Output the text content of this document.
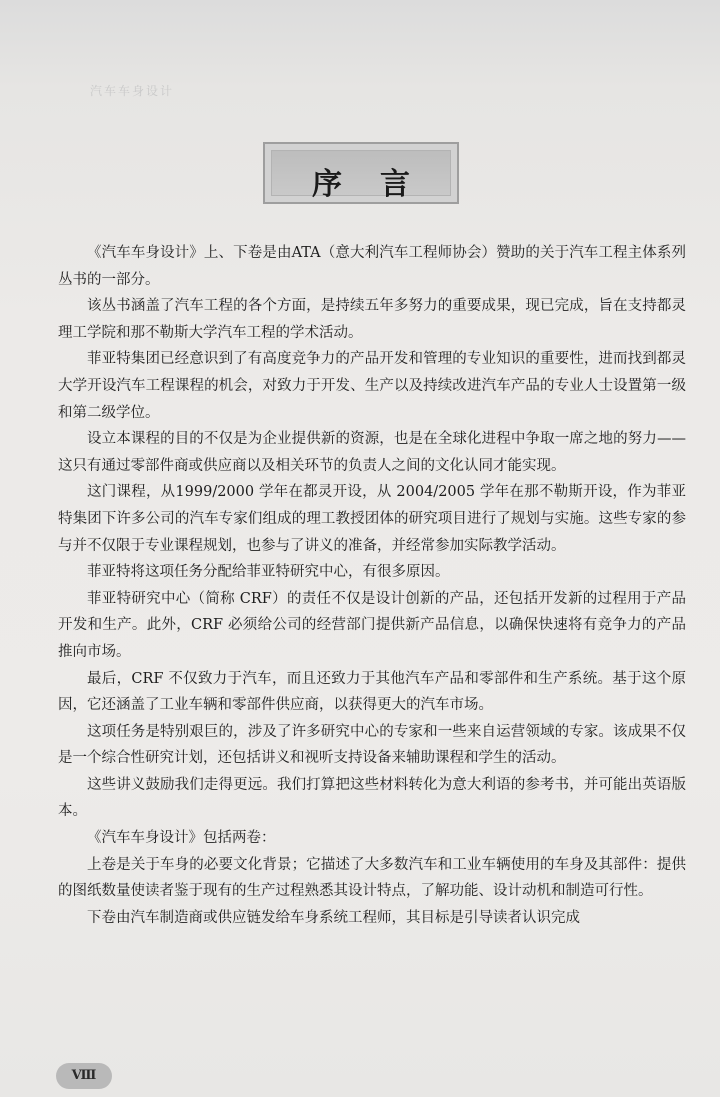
汽车车身设计
序言

《汽车车身设计》上、下卷是由ATA（意大利汽车工程师协会）赞助的关于汽车工程主体系列丛书的一部分。

该丛书涵盖了汽车工程的各个方面，是持续五年多努力的重要成果，现已完成，旨在支持都灵理工学院和那不勒斯大学汽车工程的学术活动。

菲亚特集团已经意识到了有高度竞争力的产品开发和管理的专业知识的重要性，进而找到都灵大学开设汽车工程课程的机会，对致力于开发、生产以及持续改进汽车产品的专业人士设置第一级和第二级学位。

设立本课程的目的不仅是为企业提供新的资源，也是在全球化进程中争取一席之地的努力——这只有通过零部件商或供应商以及相关环节的负责人之间的文化认同才能实现。

这门课程，从1999/2000 学年在都灵开设，从 2004/2005 学年在那不勒斯开设，作为菲亚特集团下许多公司的汽车专家们组成的理工教授团体的研究项目进行了规划与实施。这些专家的参与并不仅限于专业课程规划，也参与了讲义的准备，并经常参加实际教学活动。

菲亚特将这项任务分配给菲亚特研究中心，有很多原因。

菲亚特研究中心（简称 CRF）的责任不仅是设计创新的产品，还包括开发新的过程用于产品开发和生产。此外，CRF 必须给公司的经营部门提供新产品信息，以确保快速将有竞争力的产品推向市场。

最后，CRF 不仅致力于汽车，而且还致力于其他汽车产品和零部件和生产系统。基于这个原因，它还涵盖了工业车辆和零部件供应商，以获得更大的汽车市场。

这项任务是特别艰巨的，涉及了许多研究中心的专家和一些来自运营领域的专家。该成果不仅是一个综合性研究计划，还包括讲义和视听支持设备来辅助课程和学生的活动。

这些讲义鼓励我们走得更远。我们打算把这些材料转化为意大利语的参考书，并可能出英语版本。

《汽车车身设计》包括两卷：

上卷是关于车身的必要文化背景；它描述了大多数汽车和工业车辆使用的车身及其部件：提供的图纸数量使读者鉴于现有的生产过程熟悉其设计特点，了解功能、设计动机和制造可行性。

下卷由汽车制造商或供应链发给车身系统工程师，其目标是引导读者认识完成

Ⅷ
